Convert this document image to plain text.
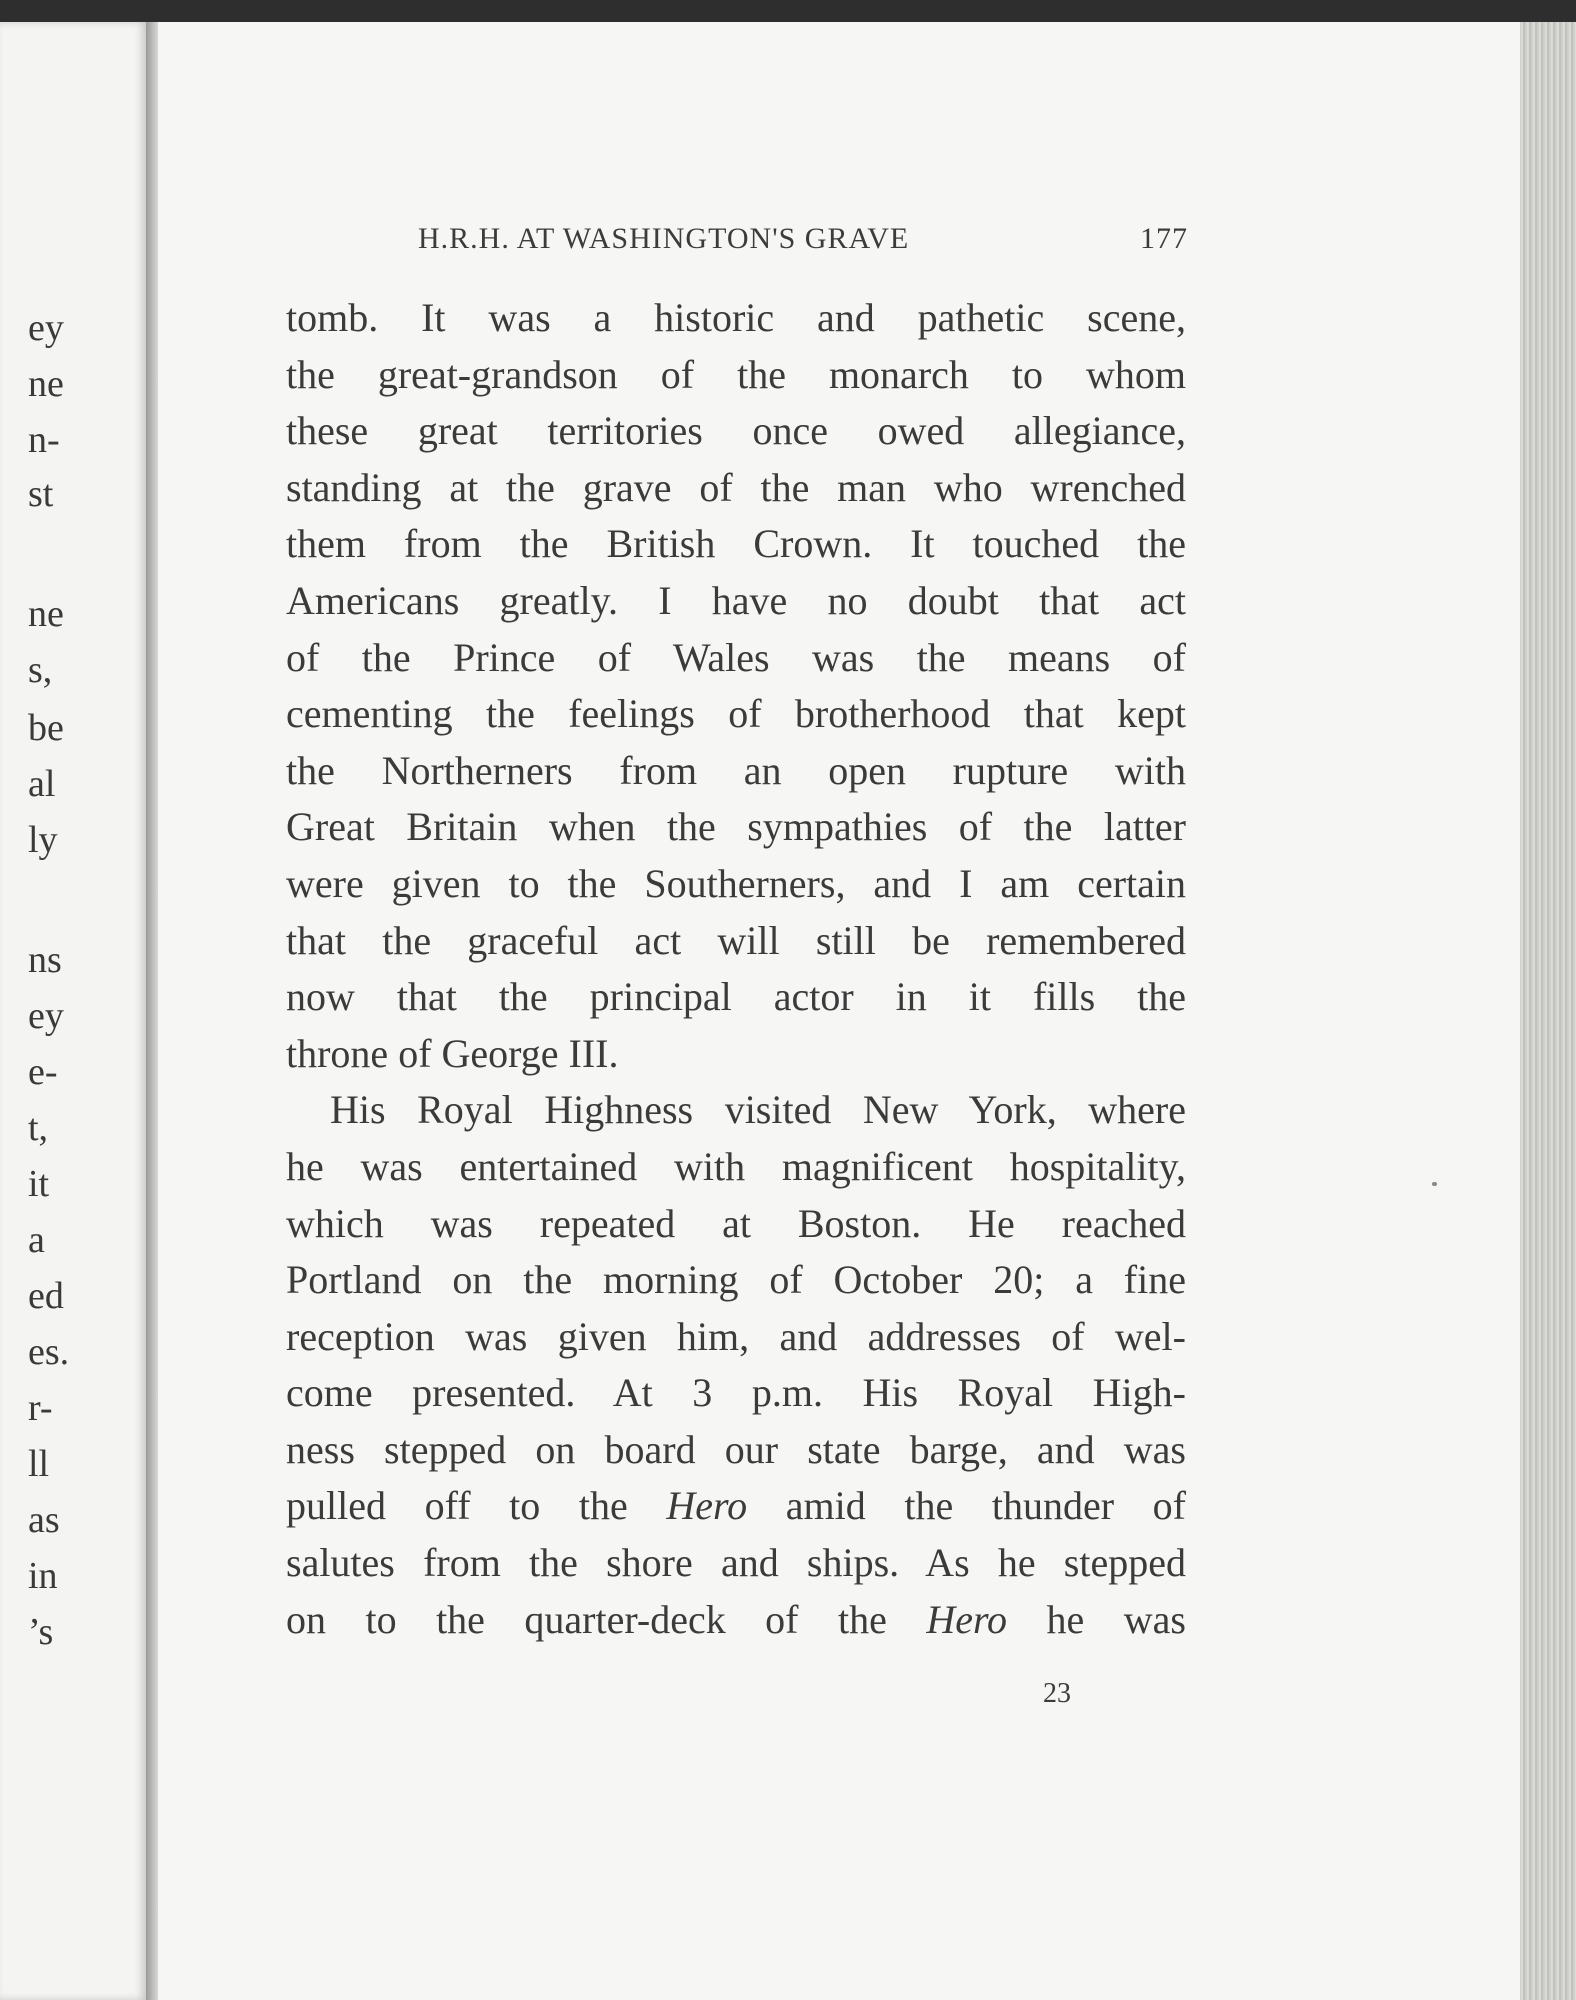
ey
ne
n-
st
ne
s,
be
al
ly
ns
ey
e-
t,
it
a
ed
es.
r-
ll
as
in
’s
H.R.H. AT WASHINGTON'S GRAVE	177
tomb. It was a historic and pathetic scene,
the great-grandson of the monarch to whom
these great territories once owed allegiance,
standing at the grave of the man who wrenched
them from the British Crown. It touched the
Americans greatly. I have no doubt that act
of the Prince of Wales was the means of
cementing the feelings of brotherhood that kept
the Northerners from an open rupture with
Great Britain when the sympathies of the latter
were given to the Southerners, and I am certain
that the graceful act will still be remembered
now that the principal actor in it fills the
throne of George III.
His Royal Highness visited New York, where
he was entertained with magnificent hospitality,
which was repeated at Boston. He reached
Portland on the morning of October 20; a fine
reception was given him, and addresses of wel-
come presented. At 3 p.m. His Royal High-
ness stepped on board our state barge, and was
pulled off to the Hero amid the thunder of
salutes from the shore and ships. As he stepped
on to the quarter-deck of the Hero he was
23
